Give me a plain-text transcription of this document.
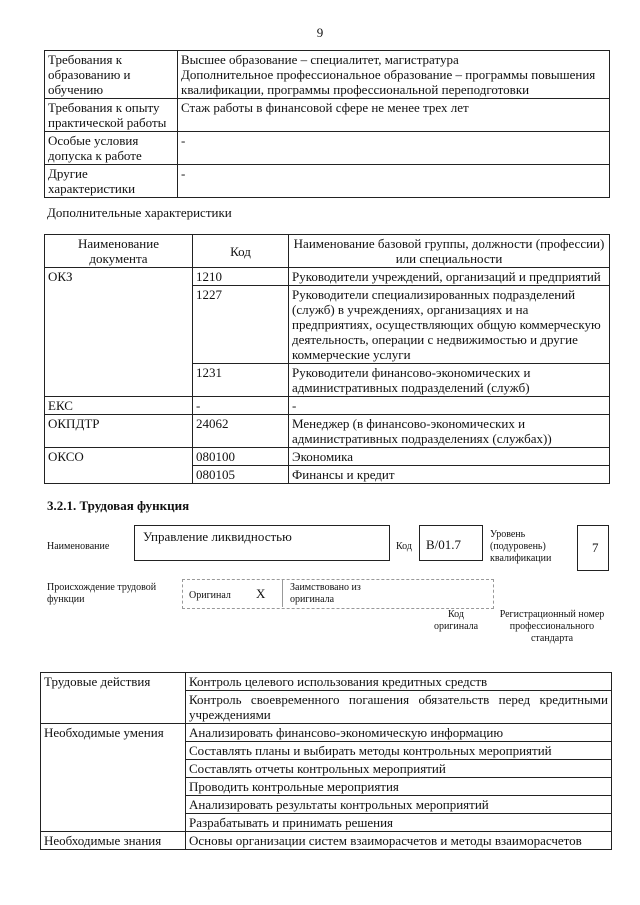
9
Требования к образованию и обучению	Высшее образование – специалитет, магистратура
Дополнительное профессиональное образование – программы повышения квалификации, программы профессиональной переподготовки

Требования к опыту практической работы	Стаж работы в финансовой сфере не менее трех лет
Особые условия допуска к работе	-
Другие характеристики	-
Дополнительные характеристики
Наименование документа	Код	Наименование базовой группы, должности (профессии) или специальности
ОКЗ	1210	Руководители учреждений, организаций и предприятий
	1227	Руководители специализированных подразделений (служб) в учреждениях, организациях и на предприятиях, осуществляющих общую коммерческую деятельность, операции с недвижимостью и другие коммерческие услуги
	1231	Руководители финансово-экономических и административных подразделений (служб)
ЕКС	-	-
ОКПДТР	24062	Менеджер (в финансово-экономических и административных подразделениях (службах))
ОКСО	080100	Экономика
	080105	Финансы и кредит
3.2.1. Трудовая функция
Наименование
Управление ликвидностью
Код B/01.7
Уровень (подуровень) квалификации
7
Происхождение трудовой функции	Оригинал X Заимствовано из оригинала
Код оригинала
Регистрационный номер профессионального стандарта
Трудовые действия	Контроль целевого использования кредитных средств
	Контроль своевременного погашения обязательств перед кредитными учреждениями
Необходимые умения	Анализировать финансово-экономическую информацию
	Составлять планы и выбирать методы контрольных мероприятий
	Составлять отчеты контрольных мероприятий
	Проводить контрольные мероприятия
	Анализировать результаты контрольных мероприятий
	Разрабатывать и принимать решения
Необходимые знания	Основы организации систем взаиморасчетов и методы взаиморасчетов
